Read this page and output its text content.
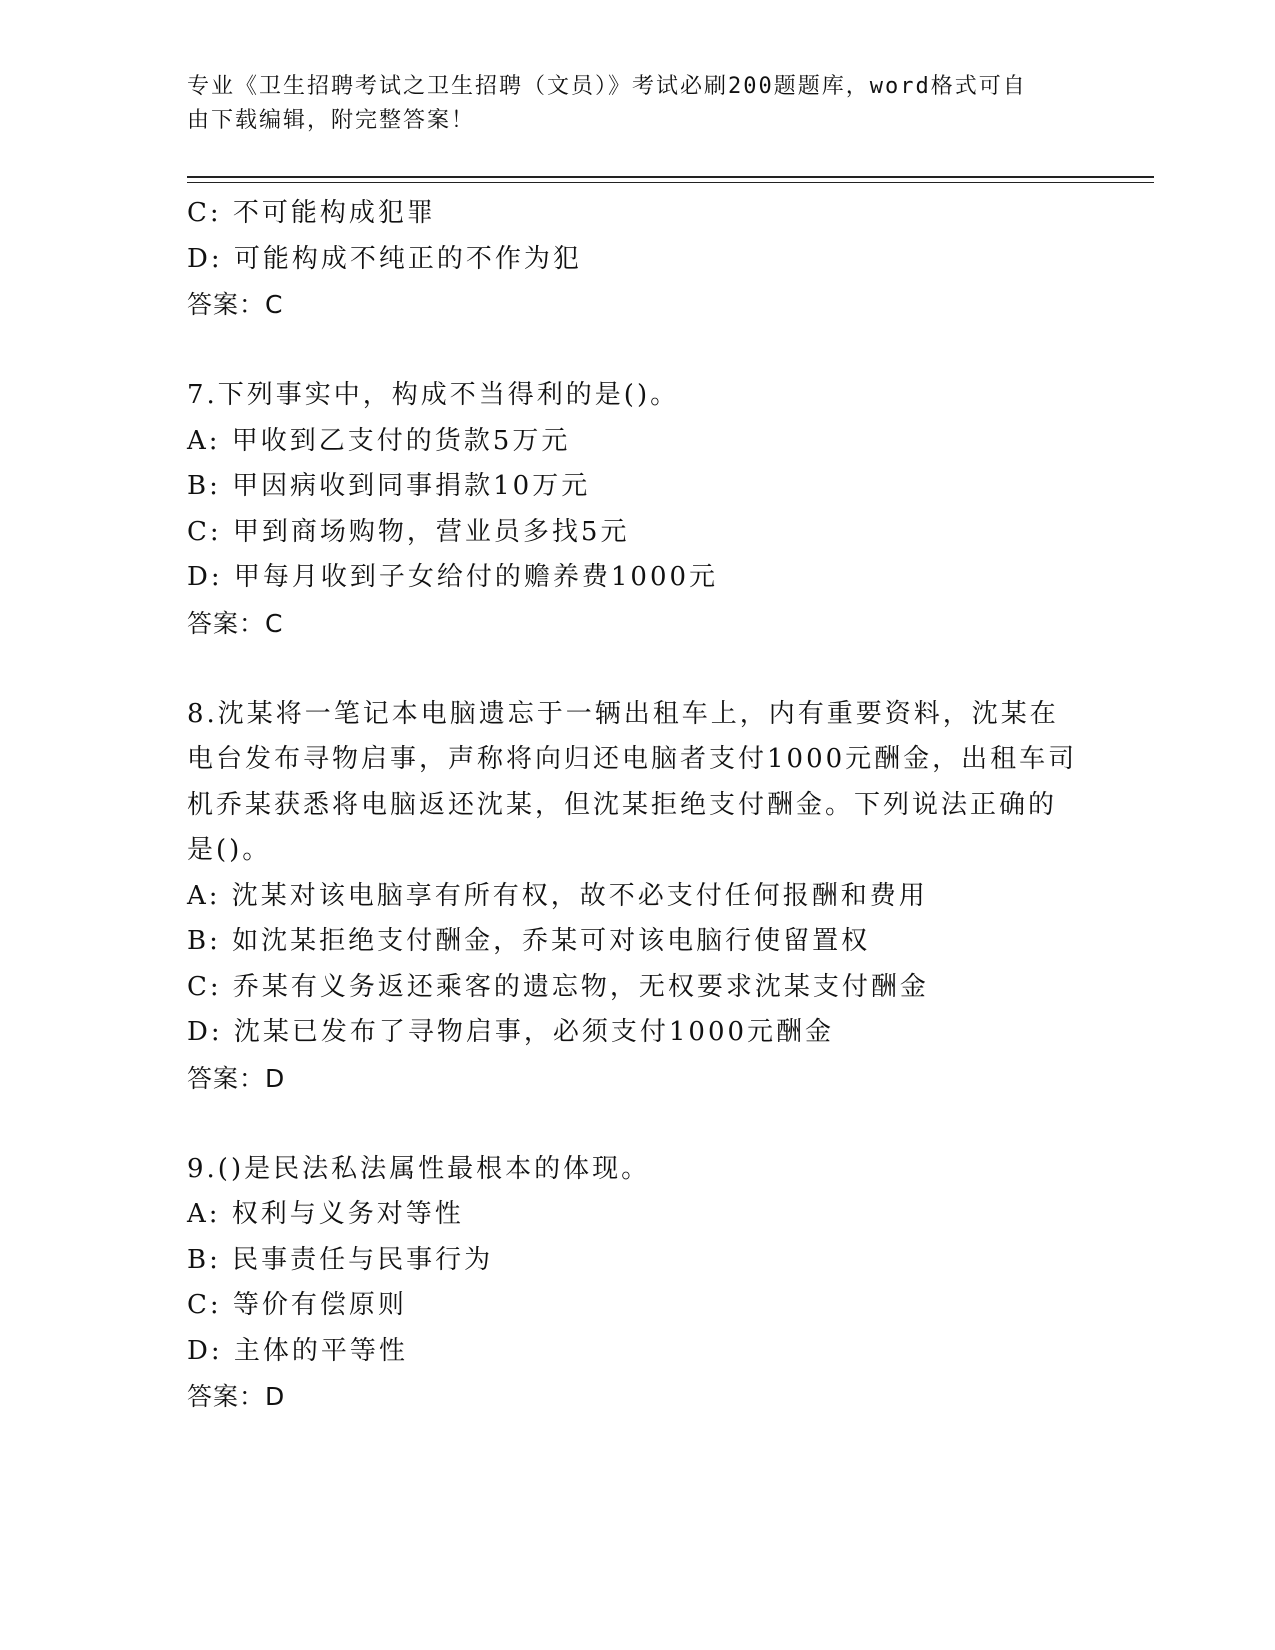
专业《卫生招聘考试之卫生招聘（文员）》考试必刷200题题库，word格式可自
由下载编辑，附完整答案！
C: 不可能构成犯罪
D: 可能构成不纯正的不作为犯
答案：C
7.下列事实中，构成不当得利的是()。
A: 甲收到乙支付的货款5万元
B: 甲因病收到同事捐款10万元
C: 甲到商场购物，营业员多找5元
D: 甲每月收到子女给付的赡养费1000元
答案：C
8.沈某将一笔记本电脑遗忘于一辆出租车上，内有重要资料，沈某在
电台发布寻物启事，声称将向归还电脑者支付1000元酬金，出租车司
机乔某获悉将电脑返还沈某，但沈某拒绝支付酬金。下列说法正确的
是()。
A: 沈某对该电脑享有所有权，故不必支付任何报酬和费用
B: 如沈某拒绝支付酬金，乔某可对该电脑行使留置权
C: 乔某有义务返还乘客的遗忘物，无权要求沈某支付酬金
D: 沈某已发布了寻物启事，必须支付1000元酬金
答案：D
9.()是民法私法属性最根本的体现。
A: 权利与义务对等性
B: 民事责任与民事行为
C: 等价有偿原则
D: 主体的平等性
答案：D
